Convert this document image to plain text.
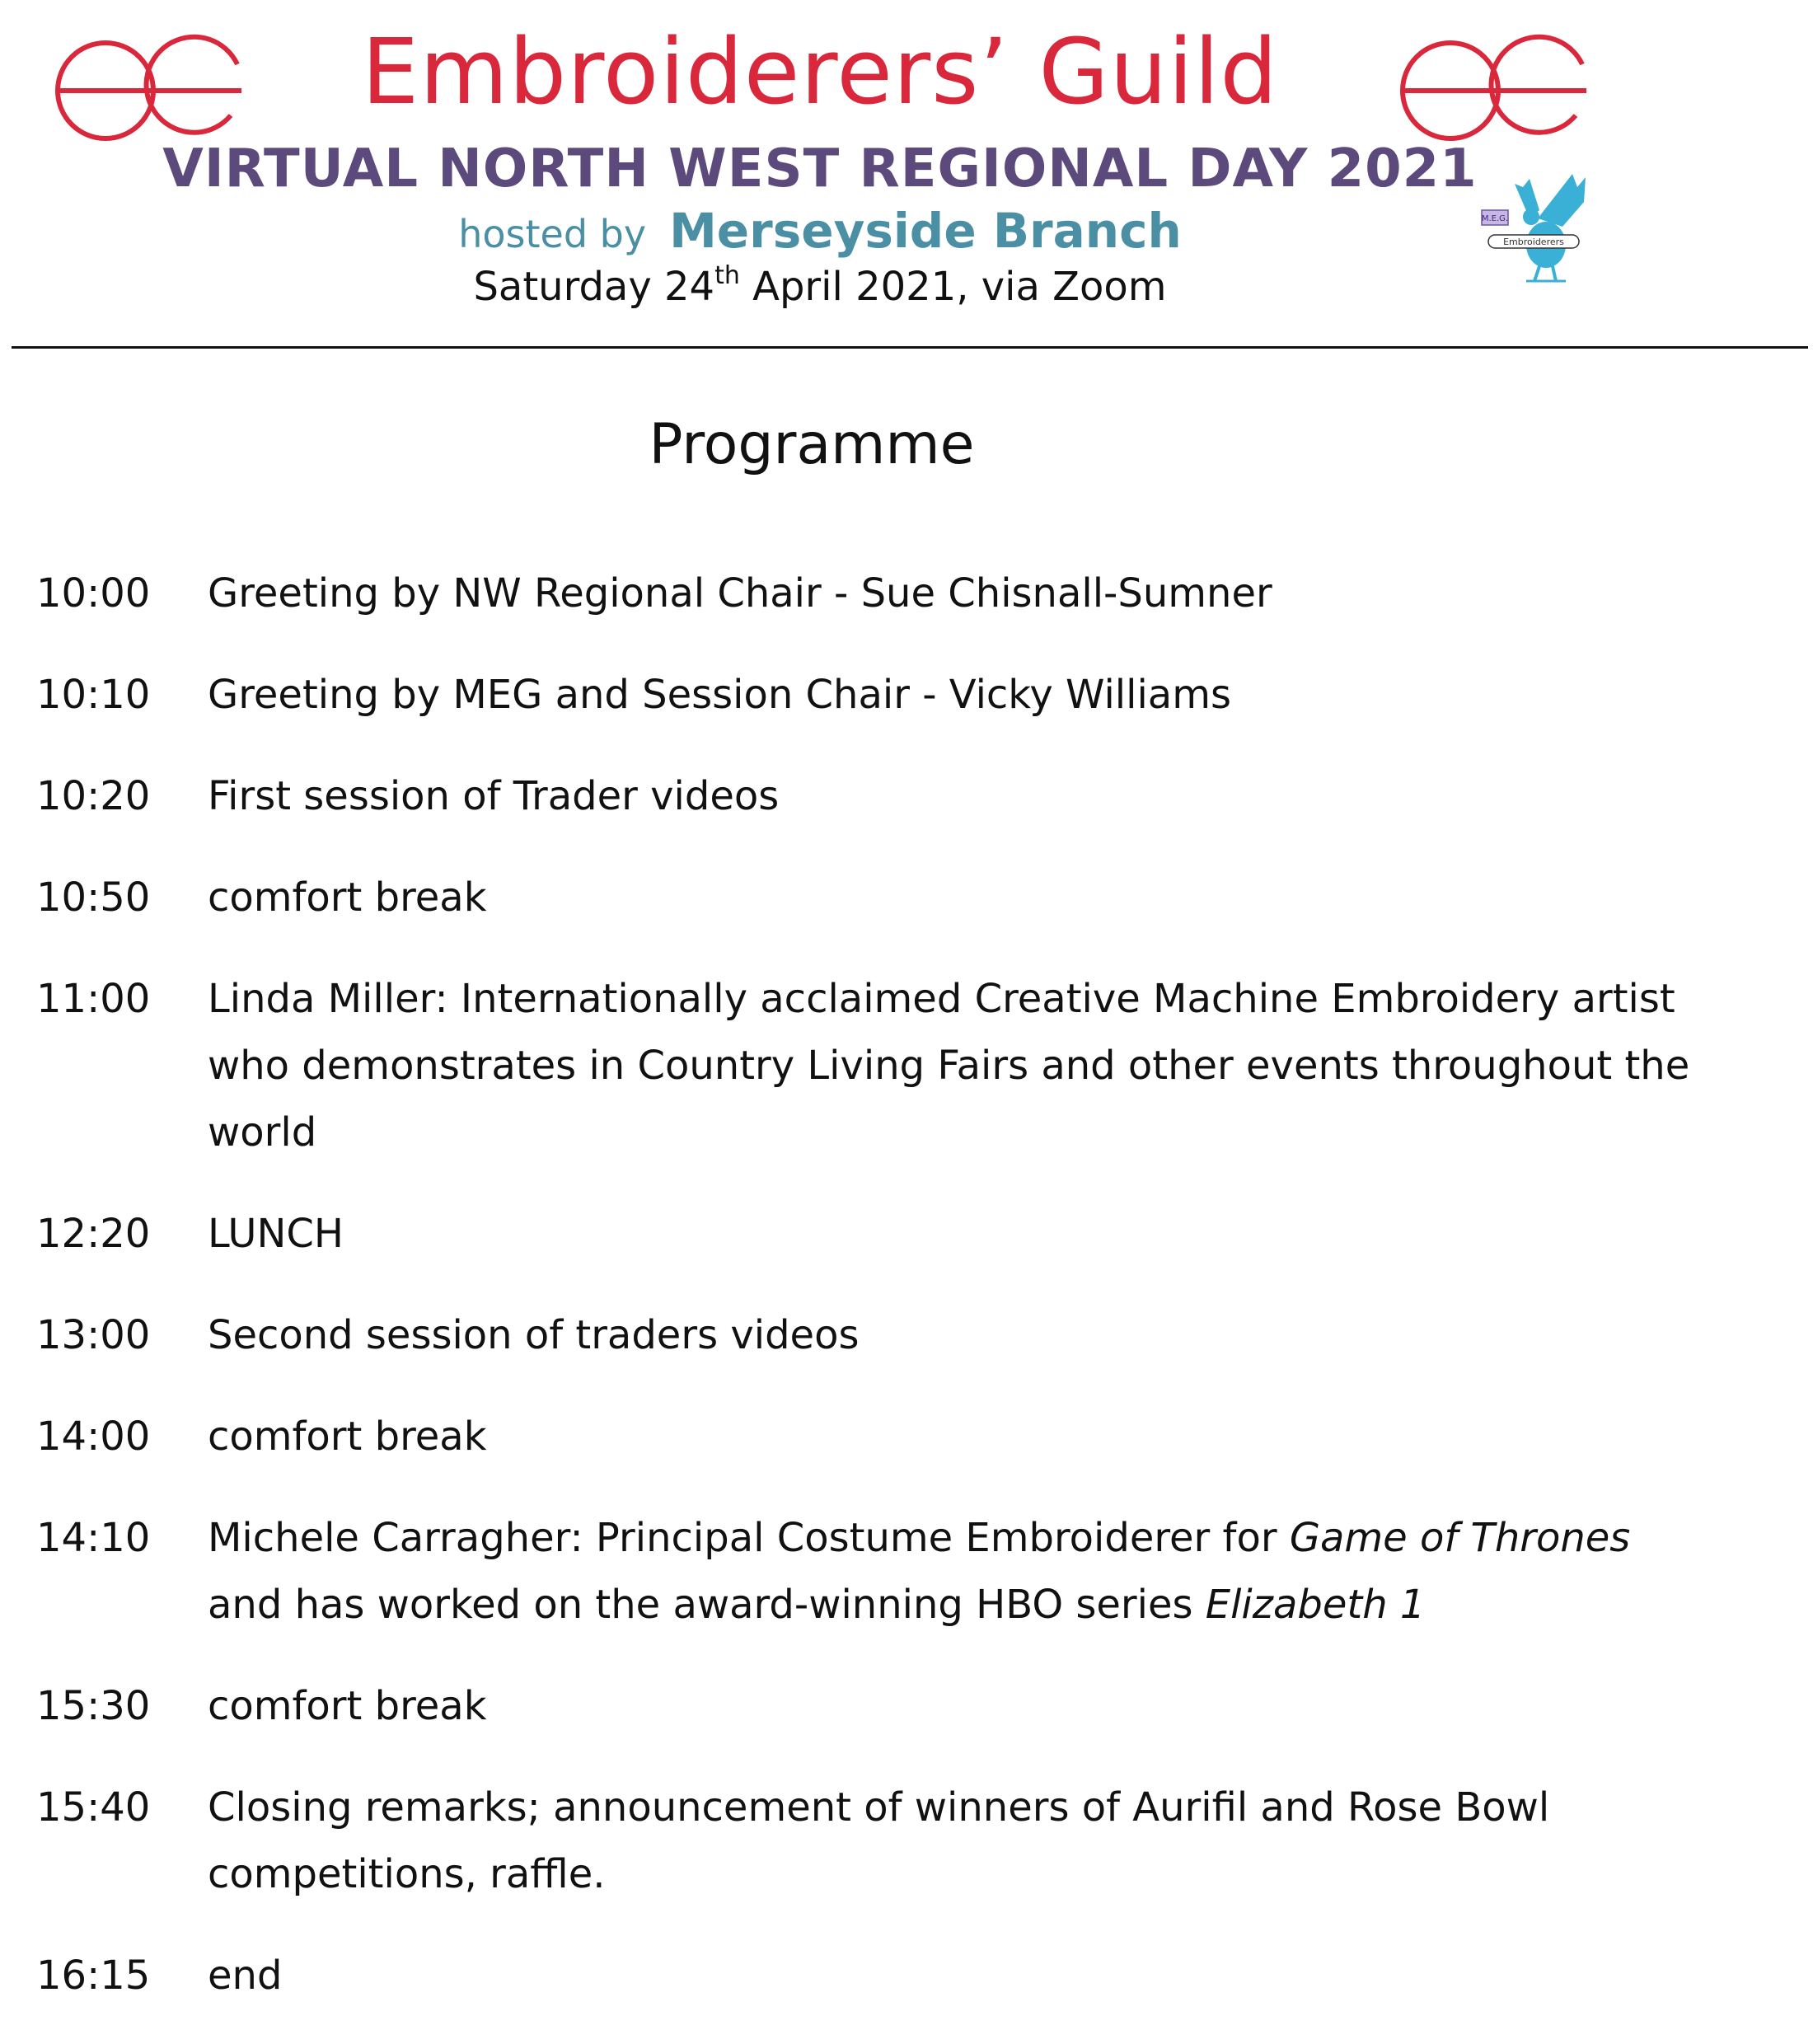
Embroiderers’ Guild
VIRTUAL NORTH WEST REGIONAL DAY 2021
hosted by Merseyside Branch
Saturday 24th April 2021, via Zoom
M.E.G.
Embroiderers
Programme
10:00	Greeting by NW Regional Chair - Sue Chisnall-Sumner
10:10	Greeting by MEG and Session Chair - Vicky Williams
10:20	First session of Trader videos
10:50	comfort break
11:00	Linda Miller: Internationally acclaimed Creative Machine Embroidery artist who demonstrates in Country Living Fairs and other events throughout the world
12:20	LUNCH
13:00	Second session of traders videos
14:00	comfort break
14:10	Michele Carragher: Principal Costume Embroiderer for Game of Thrones and has worked on the award-winning HBO series Elizabeth 1
15:30	comfort break
15:40	Closing remarks; announcement of winners of Aurifil and Rose Bowl competitions, raffle.
16:15	end
